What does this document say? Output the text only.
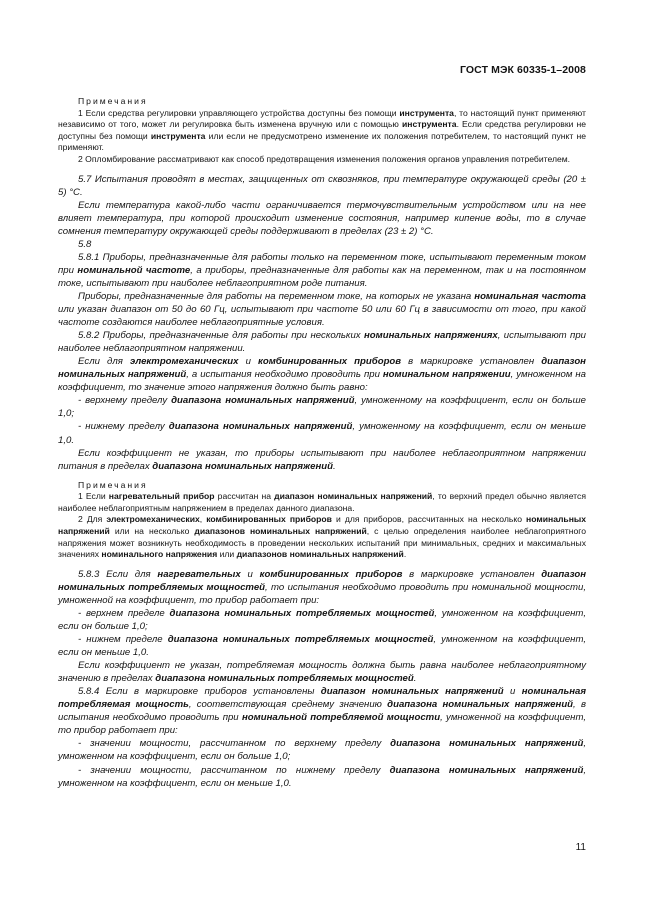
ГОСТ МЭК 60335-1–2008

Примечания

1 Если средства регулировки управляющего устройства доступны без помощи инструмента, то настоящий пункт применяют независимо от того, может ли регулировка быть изменена вручную или с помощью инструмента. Если средства регулировки не доступны без помощи инструмента или если не предусмотрено изменение их положения потребителем, то настоящий пункт не применяют.

2 Опломбирование рассматривают как способ предотвращения изменения положения органов управления потребителем.

5.7 Испытания проводят в местах, защищенных от сквозняков, при температуре окружающей среды (20 ± 5) °С.

Если температура какой-либо части ограничивается термочувствительным устройством или на нее влияет температура, при которой происходит изменение состояния, например кипение воды, то в случае сомнения температуру окружающей среды поддерживают в пределах (23 ± 2) °С.

5.8

5.8.1 Приборы, предназначенные для работы только на переменном токе, испытывают переменным током при номинальной частоте, а приборы, предназначенные для работы как на переменном, так и на постоянном токе, испытывают при наиболее неблагоприятном роде питания.

Приборы, предназначенные для работы на переменном токе, на которых не указана номинальная частота или указан диапазон от 50 до 60 Гц, испытывают при частоте 50 или 60 Гц в зависимости от того, при какой частоте создаются наиболее неблагоприятные условия.

5.8.2 Приборы, предназначенные для работы при нескольких номинальных напряжениях, испытывают при наиболее неблагоприятном напряжении.

Если для электромеханических и комбинированных приборов в маркировке установлен диапазон номинальных напряжений, а испытания необходимо проводить при номинальном напряжении, умноженном на коэффициент, то значение этого напряжения должно быть равно:

- верхнему пределу диапазона номинальных напряжений, умноженному на коэффициент, если он больше 1,0;

- нижнему пределу диапазона номинальных напряжений, умноженному на коэффициент, если он меньше 1,0.

Если коэффициент не указан, то приборы испытывают при наиболее неблагоприятном напряжении питания в пределах диапазона номинальных напряжений.

Примечания

1 Если нагревательный прибор рассчитан на диапазон номинальных напряжений, то верхний предел обычно является наиболее неблагоприятным напряжением в пределах данного диапазона.

2 Для электромеханических, комбинированных приборов и для приборов, рассчитанных на несколько номинальных напряжений или на несколько диапазонов номинальных напряжений, с целью определения наиболее неблагоприятного напряжения может возникнуть необходимость в проведении нескольких испытаний при минимальных, средних и максимальных значениях номинального напряжения или диапазонов номинальных напряжений.

5.8.3 Если для нагревательных и комбинированных приборов в маркировке установлен диапазон номинальных потребляемых мощностей, то испытания необходимо проводить при номинальной мощности, умноженной на коэффициент, то прибор работает при:

- верхнем пределе диапазона номинальных потребляемых мощностей, умноженном на коэффициент, если он больше 1,0;

- нижнем пределе диапазона номинальных потребляемых мощностей, умноженном на коэффициент, если он меньше 1,0.

Если коэффициент не указан, потребляемая мощность должна быть равна наиболее неблагоприятному значению в пределах диапазона номинальных потребляемых мощностей.

5.8.4 Если в маркировке приборов установлены диапазон номинальных напряжений и номинальная потребляемая мощность, соответствующая среднему значению диапазона номинальных напряжений, в испытания необходимо проводить при номинальной потребляемой мощности, умноженной на коэффициент, то прибор работает при:

- значении мощности, рассчитанном по верхнему пределу диапазона номинальных напряжений, умноженном на коэффициент, если он больше 1,0;

- значении мощности, рассчитанном по нижнему пределу диапазона номинальных напряжений, умноженном на коэффициент, если он меньше 1,0.

11
